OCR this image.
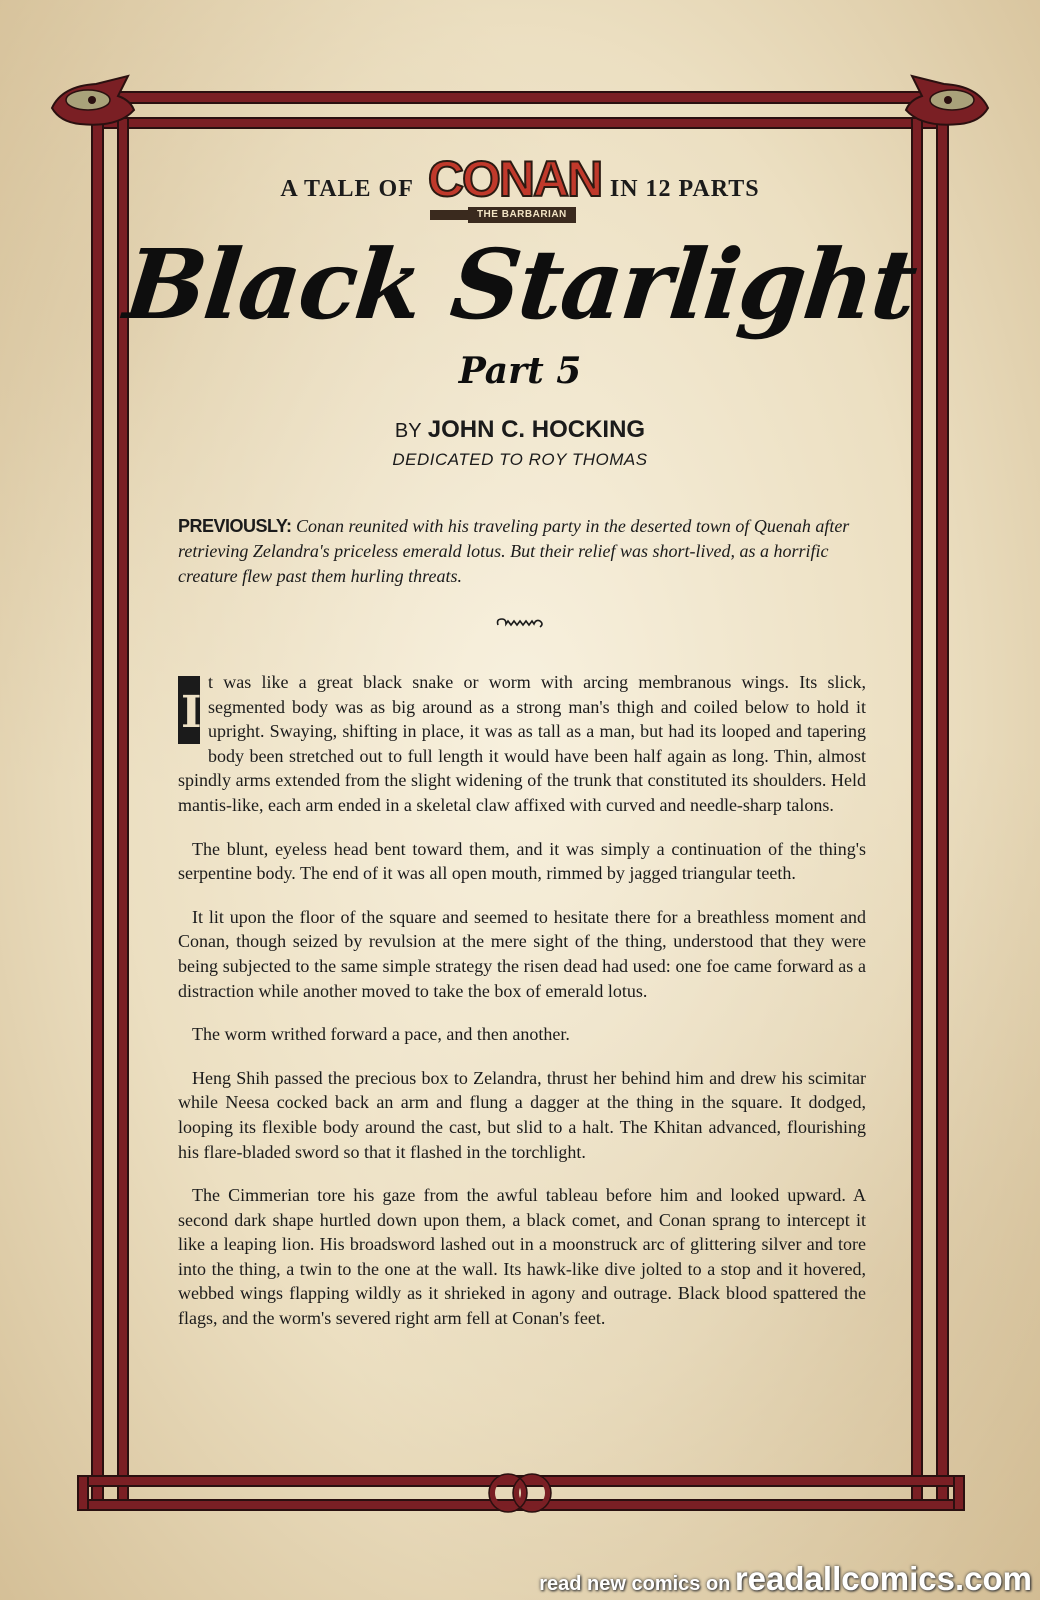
A TALE OF CONAN
THE BARBARIAN
IN 12 PARTS
Black Starlight
Part 5
BY JOHN C. HOCKING
DEDICATED TO ROY THOMAS
PREVIOUSLY: Conan reunited with his traveling party in the deserted town of Quenah after retrieving Zelandra's priceless emerald lotus. But their relief was short-lived, as a horrific creature flew past them hurling threats.

I
t was like a great black snake or worm with arcing membranous wings. Its slick, segmented body was as big around as a strong man's thigh and coiled below to hold it upright. Swaying, shifting in place, it was as tall as a man, but had its looped and tapering body been stretched out to full length it would have been half again as long. Thin, almost spindly arms extended from the slight widening of the trunk that constituted its shoulders. Held mantis-like, each arm ended in a skeletal claw affixed with curved and needle-sharp talons.

The blunt, eyeless head bent toward them, and it was simply a continuation of the thing's serpentine body. The end of it was all open mouth, rimmed by jagged triangular teeth.

It lit upon the floor of the square and seemed to hesitate there for a breathless moment and Conan, though seized by revulsion at the mere sight of the thing, understood that they were being subjected to the same simple strategy the risen dead had used: one foe came forward as a distraction while another moved to take the box of emerald lotus.

The worm writhed forward a pace, and then another.

Heng Shih passed the precious box to Zelandra, thrust her behind him and drew his scimitar while Neesa cocked back an arm and flung a dagger at the thing in the square. It dodged, looping its flexible body around the cast, but slid to a halt. The Khitan advanced, flourishing his flare-bladed sword so that it flashed in the torchlight.

The Cimmerian tore his gaze from the awful tableau before him and looked upward. A second dark shape hurtled down upon them, a black comet, and Conan sprang to intercept it like a leaping lion. His broadsword lashed out in a moonstruck arc of glittering silver and tore into the thing, a twin to the one at the wall. Its hawk-like dive jolted to a stop and it hovered, webbed wings flapping wildly as it shrieked in agony and outrage. Black blood spattered the flags, and the worm's severed right arm fell at Conan's feet.

read new comics on readallcomics.com
